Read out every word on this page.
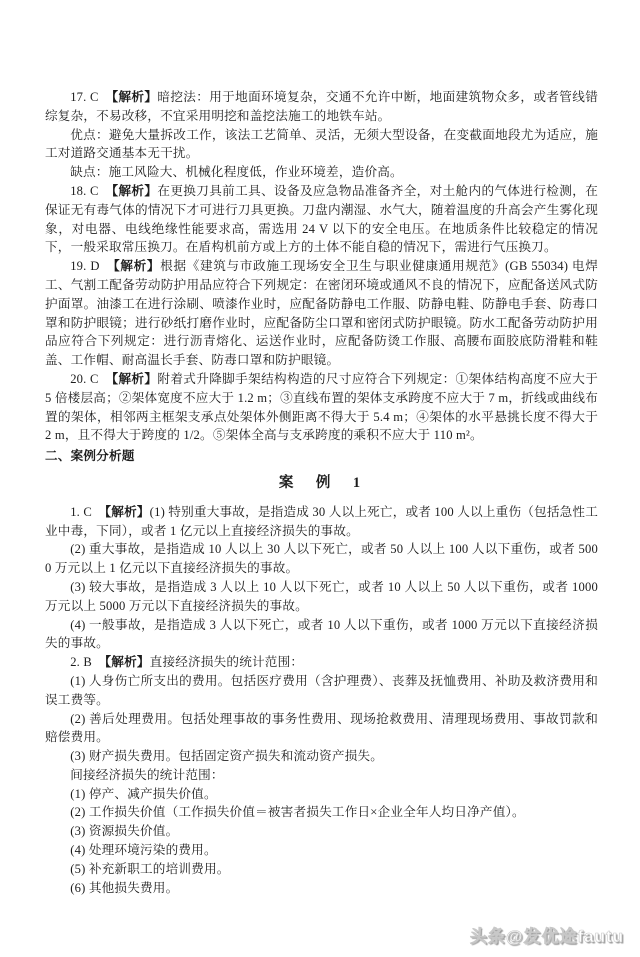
17. C　【解析】暗挖法：用于地面环境复杂，交通不允许中断，地面建筑物众多，或者管线错综复杂，不易改移，不宜采用明挖和盖挖法施工的地铁车站。

优点：避免大量拆改工作，该法工艺简单、灵活，无须大型设备，在变截面地段尤为适应，施工对道路交通基本无干扰。

缺点：施工风险大、机械化程度低，作业环境差，造价高。

18. C　【解析】在更换刀具前工具、设备及应急物品准备齐全，对土舱内的气体进行检测，在保证无有毒气体的情况下才可进行刀具更换。刀盘内潮湿、水气大，随着温度的升高会产生雾化现象，对电器、电线绝缘性能要求高，需选用 24 V 以下的安全电压。在地质条件比较稳定的情况下，一般采取常压换刀。在盾构机前方或上方的土体不能自稳的情况下，需进行气压换刀。

19. D　【解析】根据《建筑与市政施工现场安全卫生与职业健康通用规范》(GB 55034) 电焊工、气割工配备劳动防护用品应符合下列规定：在密闭环境或通风不良的情况下，应配备送风式防护面罩。油漆工在进行涂刷、喷漆作业时，应配备防静电工作服、防静电鞋、防静电手套、防毒口罩和防护眼镜；进行砂纸打磨作业时，应配备防尘口罩和密闭式防护眼镜。防水工配备劳动防护用品应符合下列规定：进行沥青熔化、运送作业时，应配备防烫工作服、高腰布面胶底防滑鞋和鞋盖、工作帽、耐高温长手套、防毒口罩和防护眼镜。

20. C　【解析】附着式升降脚手架结构构造的尺寸应符合下列规定：①架体结构高度不应大于 5 倍楼层高；②架体宽度不应大于 1.2 m；③直线布置的架体支承跨度不应大于 7 m，折线或曲线布置的架体，相邻两主框架支承点处架体外侧距离不得大于 5.4 m；④架体的水平悬挑长度不得大于 2 m，且不得大于跨度的 1/2。⑤架体全高与支承跨度的乘积不应大于 110 m²。

二、案例分析题

案　例　1

1. C　【解析】(1) 特别重大事故，是指造成 30 人以上死亡，或者 100 人以上重伤（包括急性工业中毒，下同），或者 1 亿元以上直接经济损失的事故。

(2) 重大事故，是指造成 10 人以上 30 人以下死亡，或者 50 人以上 100 人以下重伤，或者 5000 万元以上 1 亿元以下直接经济损失的事故。

(3) 较大事故，是指造成 3 人以上 10 人以下死亡，或者 10 人以上 50 人以下重伤，或者 1000 万元以上 5000 万元以下直接经济损失的事故。

(4) 一般事故，是指造成 3 人以下死亡，或者 10 人以下重伤，或者 1000 万元以下直接经济损失的事故。

2. B　【解析】直接经济损失的统计范围：

(1) 人身伤亡所支出的费用。包括医疗费用（含护理费）、丧葬及抚恤费用、补助及救济费用和误工费等。

(2) 善后处理费用。包括处理事故的事务性费用、现场抢救费用、清理现场费用、事故罚款和赔偿费用。

(3) 财产损失费用。包括固定资产损失和流动资产损失。

间接经济损失的统计范围：

(1) 停产、减产损失价值。

(2) 工作损失价值（工作损失价值＝被害者损失工作日×企业全年人均日净产值）。

(3) 资源损失价值。

(4) 处理环境污染的费用。

(5) 补充新职工的培训费用。

(6) 其他损失费用。

头条@发优途fautu
